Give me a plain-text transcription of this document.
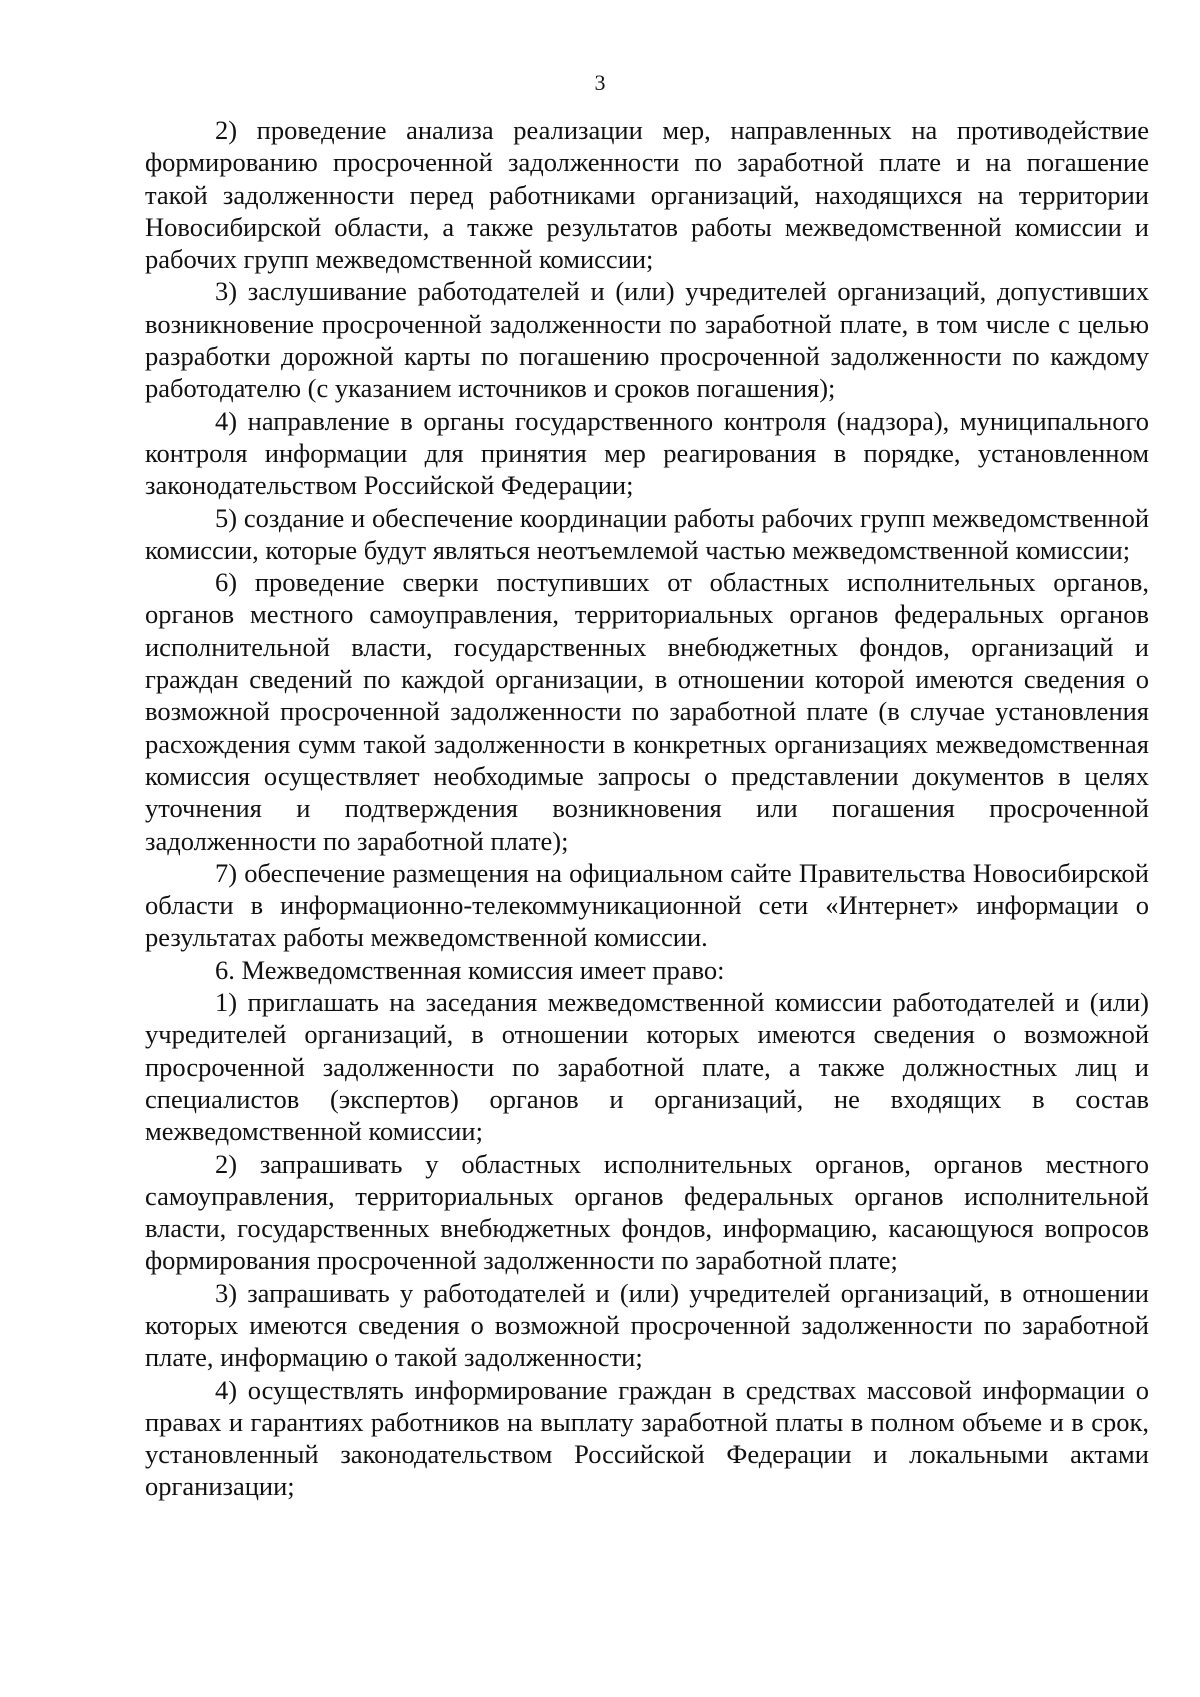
3

2) проведение анализа реализации мер, направленных на противодействие формированию просроченной задолженности по заработной плате и на погашение такой задолженности перед работниками организаций, находящихся на территории Новосибирской области, а также результатов работы межведомственной комиссии и рабочих групп межведомственной комиссии;

3) заслушивание работодателей и (или) учредителей организаций, допустивших возникновение просроченной задолженности по заработной плате, в том числе с целью разработки дорожной карты по погашению просроченной задолженности по каждому работодателю (с указанием источников и сроков погашения);

4) направление в органы государственного контроля (надзора), муниципального контроля информации для принятия мер реагирования в порядке, установленном законодательством Российской Федерации;

5) создание и обеспечение координации работы рабочих групп межведомственной комиссии, которые будут являться неотъемлемой частью межведомственной комиссии;

6) проведение сверки поступивших от областных исполнительных органов, органов местного самоуправления, территориальных органов федеральных органов исполнительной власти, государственных внебюджетных фондов, организаций и граждан сведений по каждой организации, в отношении которой имеются сведения о возможной просроченной задолженности по заработной плате (в случае установления расхождения сумм такой задолженности в конкретных организациях межведомственная комиссия осуществляет необходимые запросы о представлении документов в целях уточнения и подтверждения возникновения или погашения просроченной задолженности по заработной плате);

7) обеспечение размещения на официальном сайте Правительства Новосибирской области в информационно-телекоммуникационной сети «Интернет» информации о результатах работы межведомственной комиссии.

6. Межведомственная комиссия имеет право:

1) приглашать на заседания межведомственной комиссии работодателей и (или) учредителей организаций, в отношении которых имеются сведения о возможной просроченной задолженности по заработной плате, а также должностных лиц и специалистов (экспертов) органов и организаций, не входящих в состав межведомственной комиссии;

2) запрашивать у областных исполнительных органов, органов местного самоуправления, территориальных органов федеральных органов исполнительной власти, государственных внебюджетных фондов, информацию, касающуюся вопросов формирования просроченной задолженности по заработной плате;

3) запрашивать у работодателей и (или) учредителей организаций, в отношении которых имеются сведения о возможной просроченной задолженности по заработной плате, информацию о такой задолженности;

4) осуществлять информирование граждан в средствах массовой информации о правах и гарантиях работников на выплату заработной платы в полном объеме и в срок, установленный законодательством Российской Федерации и локальными актами организации;
